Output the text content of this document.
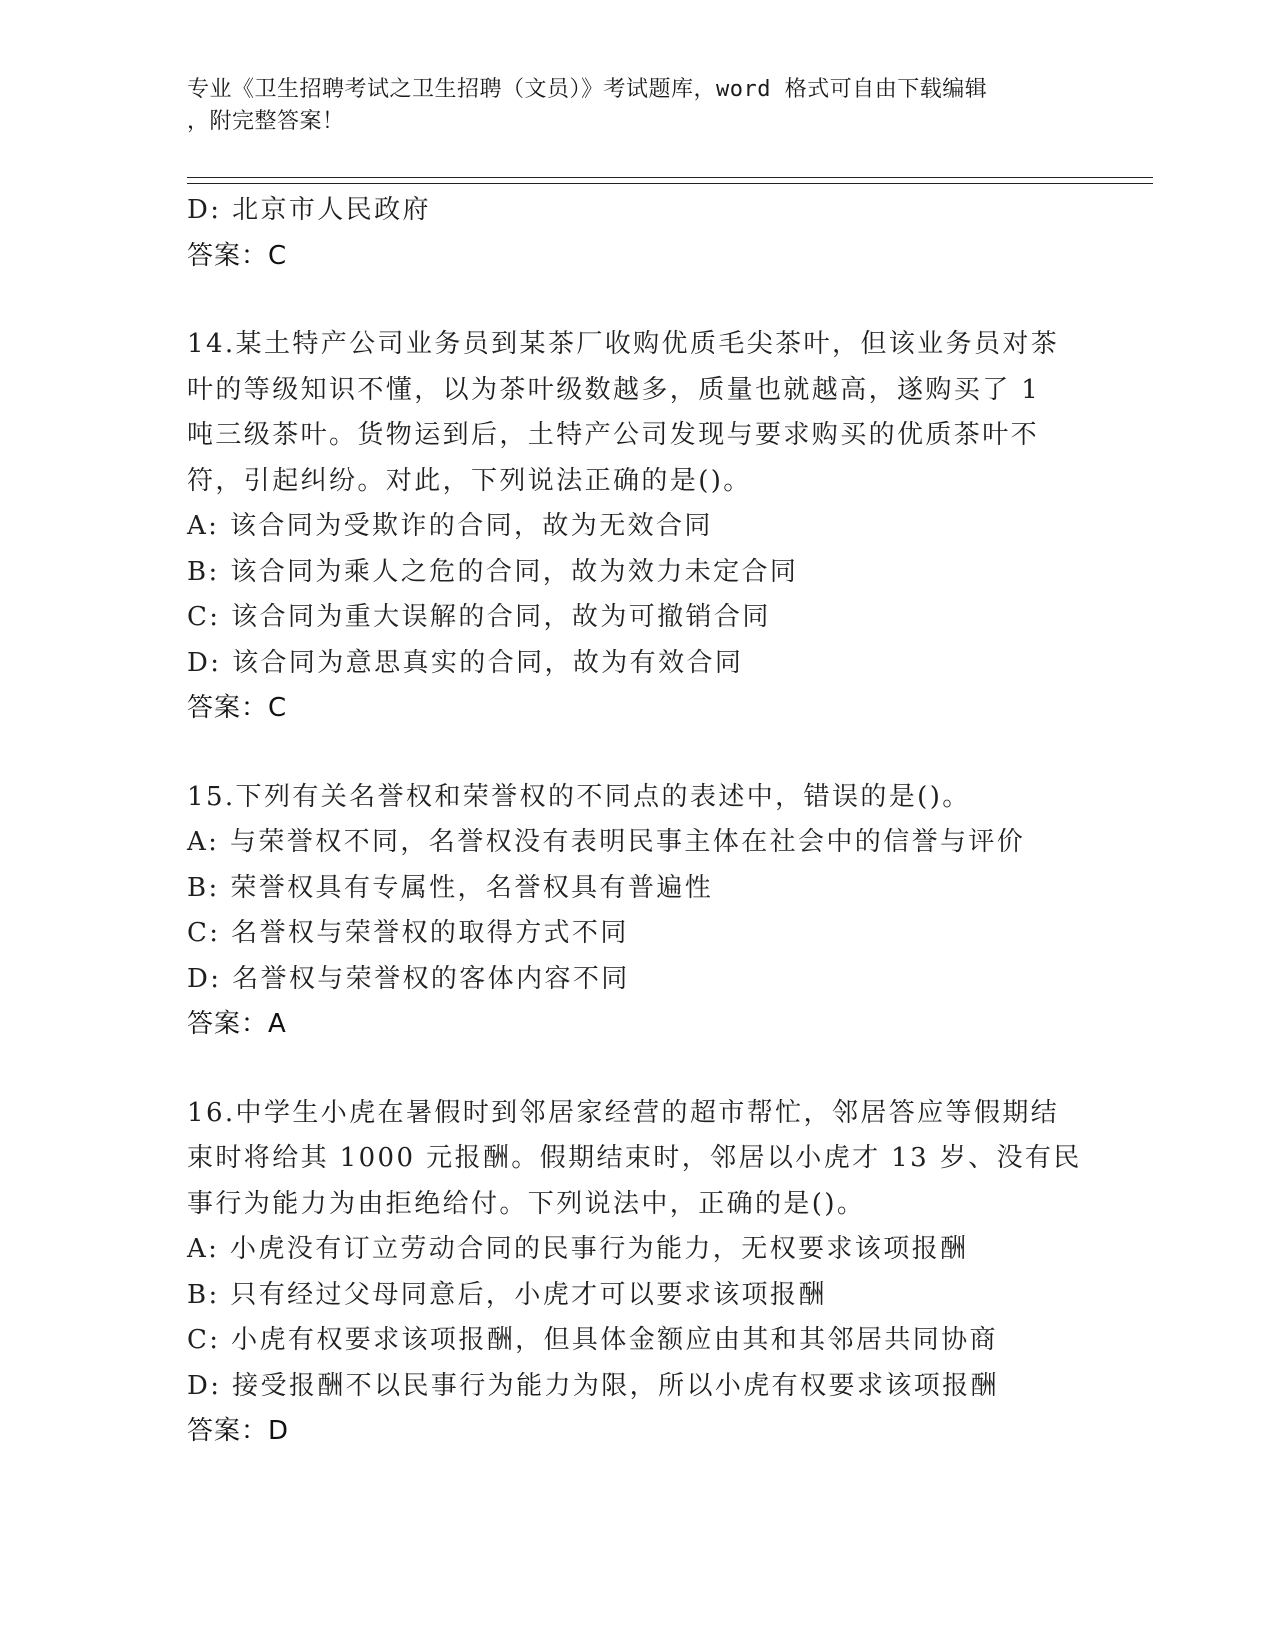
专业《卫生招聘考试之卫生招聘（文员）》考试题库，word 格式可自由下载编辑
，附完整答案！
D: 北京市人民政府
答案：C
14.某土特产公司业务员到某茶厂收购优质毛尖茶叶，但该业务员对茶
叶的等级知识不懂，以为茶叶级数越多，质量也就越高，遂购买了 1
吨三级茶叶。货物运到后，土特产公司发现与要求购买的优质茶叶不
符，引起纠纷。对此，下列说法正确的是()。
A: 该合同为受欺诈的合同，故为无效合同
B: 该合同为乘人之危的合同，故为效力未定合同
C: 该合同为重大误解的合同，故为可撤销合同
D: 该合同为意思真实的合同，故为有效合同
答案：C
15.下列有关名誉权和荣誉权的不同点的表述中，错误的是()。
A: 与荣誉权不同，名誉权没有表明民事主体在社会中的信誉与评价
B: 荣誉权具有专属性，名誉权具有普遍性
C: 名誉权与荣誉权的取得方式不同
D: 名誉权与荣誉权的客体内容不同
答案：A
16.中学生小虎在暑假时到邻居家经营的超市帮忙，邻居答应等假期结
束时将给其 1000 元报酬。假期结束时，邻居以小虎才 13 岁、没有民
事行为能力为由拒绝给付。下列说法中，正确的是()。
A: 小虎没有订立劳动合同的民事行为能力，无权要求该项报酬
B: 只有经过父母同意后，小虎才可以要求该项报酬
C: 小虎有权要求该项报酬，但具体金额应由其和其邻居共同协商
D: 接受报酬不以民事行为能力为限，所以小虎有权要求该项报酬
答案：D
